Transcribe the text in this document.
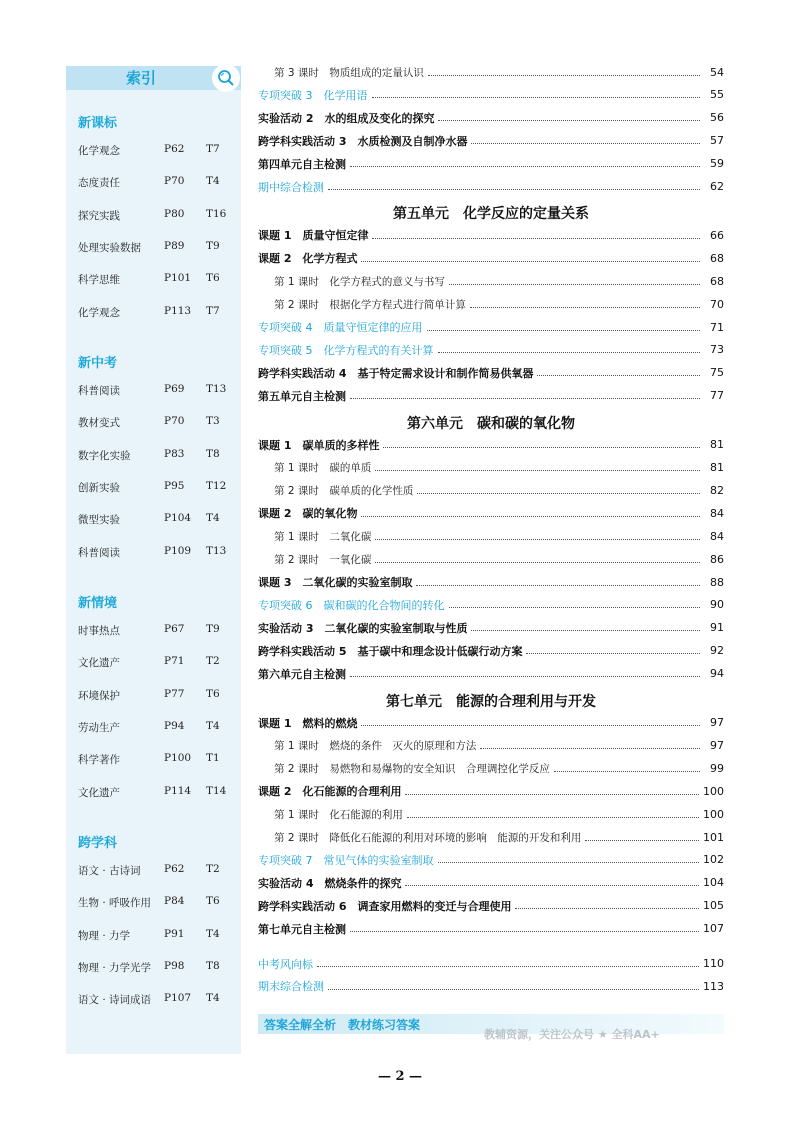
索引
新课标
化学观念	P62 T7
态度责任	P70 T4
探究实践	P80 T16
处理实验数据 P89 T9
科学思维	P101 T6
化学观念	P113 T7
新中考
科普阅读	P69 T13
教材变式	P70 T3
数字化实验	P83 T8
创新实验	P95 T12
微型实验	P104 T4
科普阅读	P109 T13
新情境
时事热点	P67 T9
文化遗产	P71 T2
环境保护	P77 T6
劳动生产	P94 T4
科学著作	P100 T1
文化遗产	P114 T14
跨学科
语文 · 古诗词 P62 T2
生物 · 呼吸作用 P84 T6
物理 · 力学	P91 T4
物理 · 力学光学 P98 T8
语文 · 诗词成语 P107 T4
第 3 课时　物质组成的定量认识	54
专项突破 3　化学用语	55
实验活动 2　水的组成及变化的探究	56
跨学科实践活动 3　水质检测及自制净水器	57
第四单元自主检测	59
期中综合检测	62
第五单元　化学反应的定量关系
课题 1　质量守恒定律	66
课题 2　化学方程式	68
第 1 课时　化学方程式的意义与书写	68
第 2 课时　根据化学方程式进行简单计算	70
专项突破 4　质量守恒定律的应用	71
专项突破 5　化学方程式的有关计算	73
跨学科实践活动 4　基于特定需求设计和制作简易供氧器	75
第五单元自主检测	77
第六单元　碳和碳的氧化物
课题 1　碳单质的多样性	81
第 1 课时　碳的单质	81
第 2 课时　碳单质的化学性质	82
课题 2　碳的氧化物	84
第 1 课时　二氧化碳	84
第 2 课时　一氧化碳	86
课题 3　二氧化碳的实验室制取	88
专项突破 6　碳和碳的化合物间的转化	90
实验活动 3　二氧化碳的实验室制取与性质	91
跨学科实践活动 5　基于碳中和理念设计低碳行动方案	92
第六单元自主检测	94
第七单元　能源的合理利用与开发
课题 1　燃料的燃烧	97
第 1 课时　燃烧的条件　灭火的原理和方法	97
第 2 课时　易燃物和易爆物的安全知识　合理调控化学反应	99
课题 2　化石能源的合理利用	100
第 1 课时　化石能源的利用	100
第 2 课时　降低化石能源的利用对环境的影响　能源的开发和利用	101
专项突破 7　常见气体的实验室制取	102
实验活动 4　燃烧条件的探究	104
跨学科实践活动 6　调查家用燃料的变迁与合理使用	105
第七单元自主检测	107
中考风向标	110
期末综合检测	113
答案全解全析　教材练习答案
教辅资源，关注公众号 ★ 全科AA+
— 2 —
